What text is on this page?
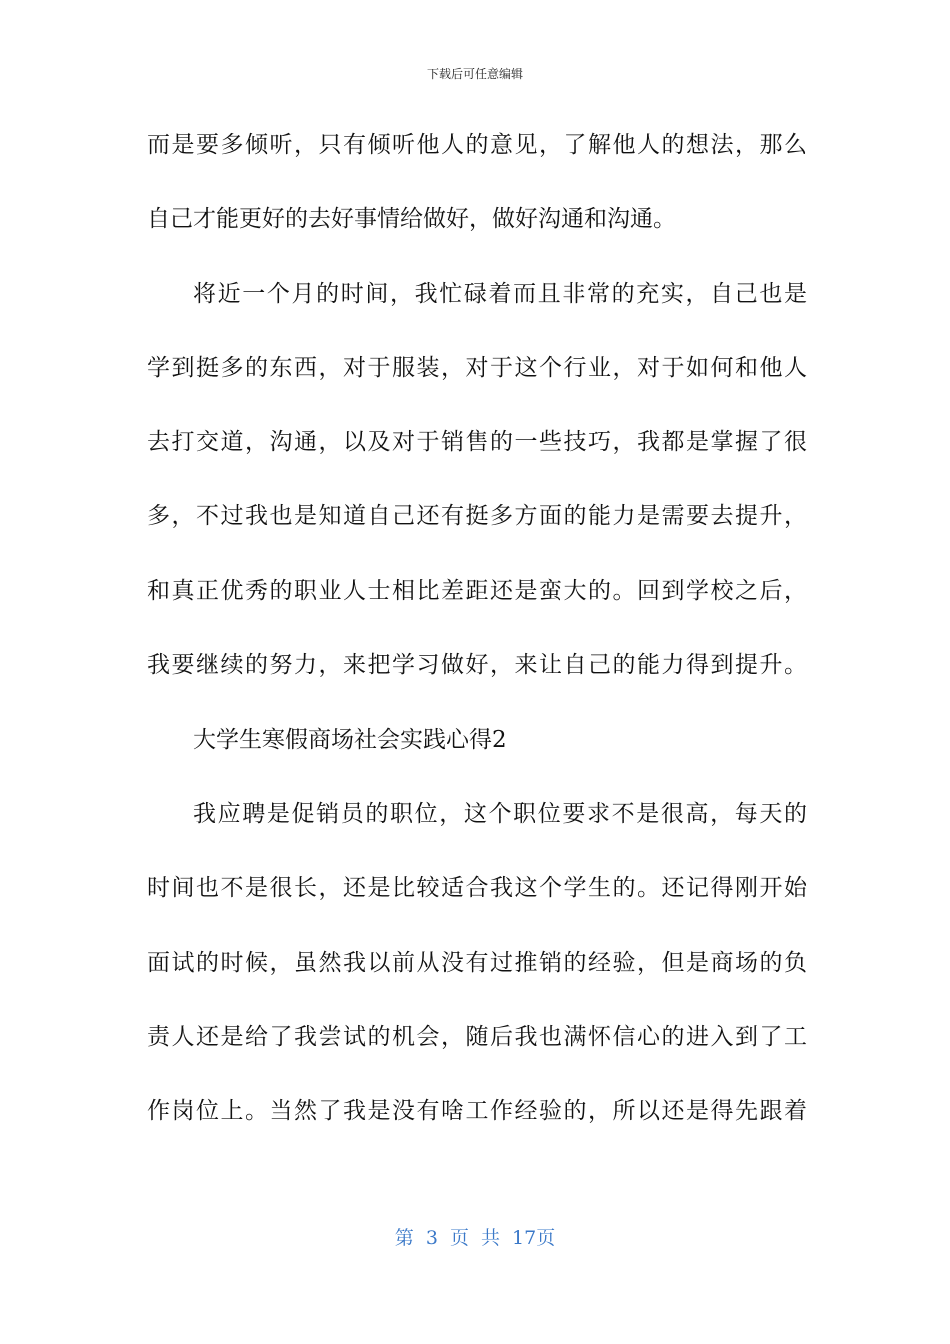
下载后可任意编辑
而是要多倾听，只有倾听他人的意见，了解他人的想法，那么
自己才能更好的去好事情给做好，做好沟通和沟通。
将近一个月的时间，我忙碌着而且非常的充实，自己也是
学到挺多的东西，对于服装，对于这个行业，对于如何和他人
去打交道，沟通，以及对于销售的一些技巧，我都是掌握了很
多，不过我也是知道自己还有挺多方面的能力是需要去提升，
和真正优秀的职业人士相比差距还是蛮大的。回到学校之后，
我要继续的努力，来把学习做好，来让自己的能力得到提升。
大学生寒假商场社会实践心得2
我应聘是促销员的职位，这个职位要求不是很高，每天的
时间也不是很长，还是比较适合我这个学生的。还记得刚开始
面试的时候，虽然我以前从没有过推销的经验，但是商场的负
责人还是给了我尝试的机会，随后我也满怀信心的进入到了工
作岗位上。当然了我是没有啥工作经验的，所以还是得先跟着
第 3 页 共 17页
